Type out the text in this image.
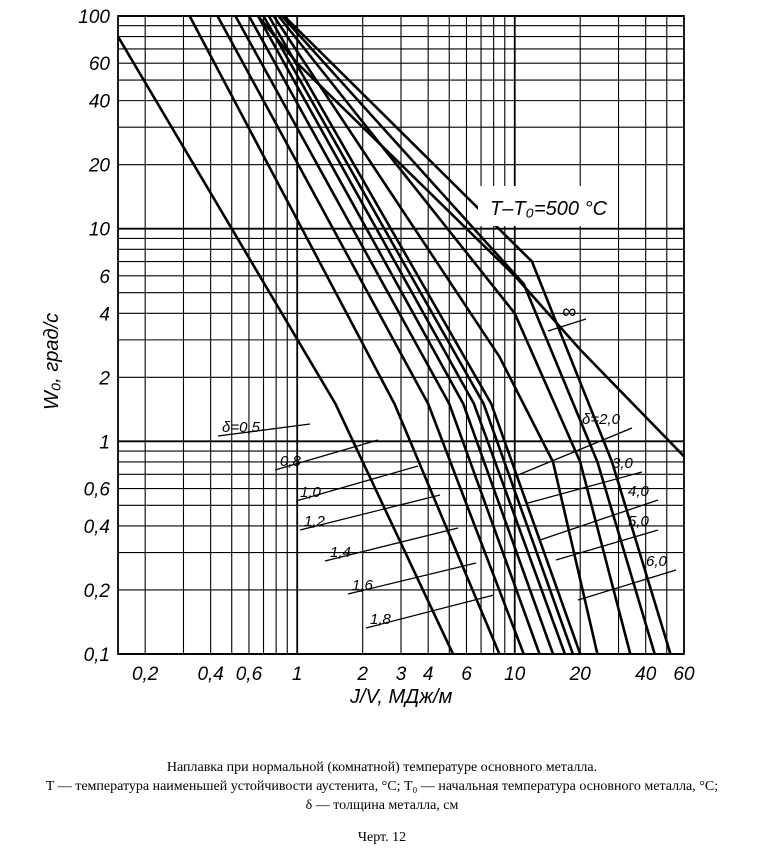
0,2 0,4 0,6 1	2 3 4 6 10 20 40 60
0,1
0,2
0,4
0,6
1
2
4
6
10
20
40
60
100
T–T₀=500 °C
J/V, МДж/м
W₀, град/с
δ=0,5
0,8
1,0
1,2
1,4
1,6
1,8
δ=2,0
3,0
4,0
5,0
6,0
∞

Наплавка при нормальной (комнатной) температуре основного металла.

T — температура наименьшей устойчивости аустенита, °С; T₀ — начальная температура основного металла, °С;

δ — толщина металла, см

Черт. 12
